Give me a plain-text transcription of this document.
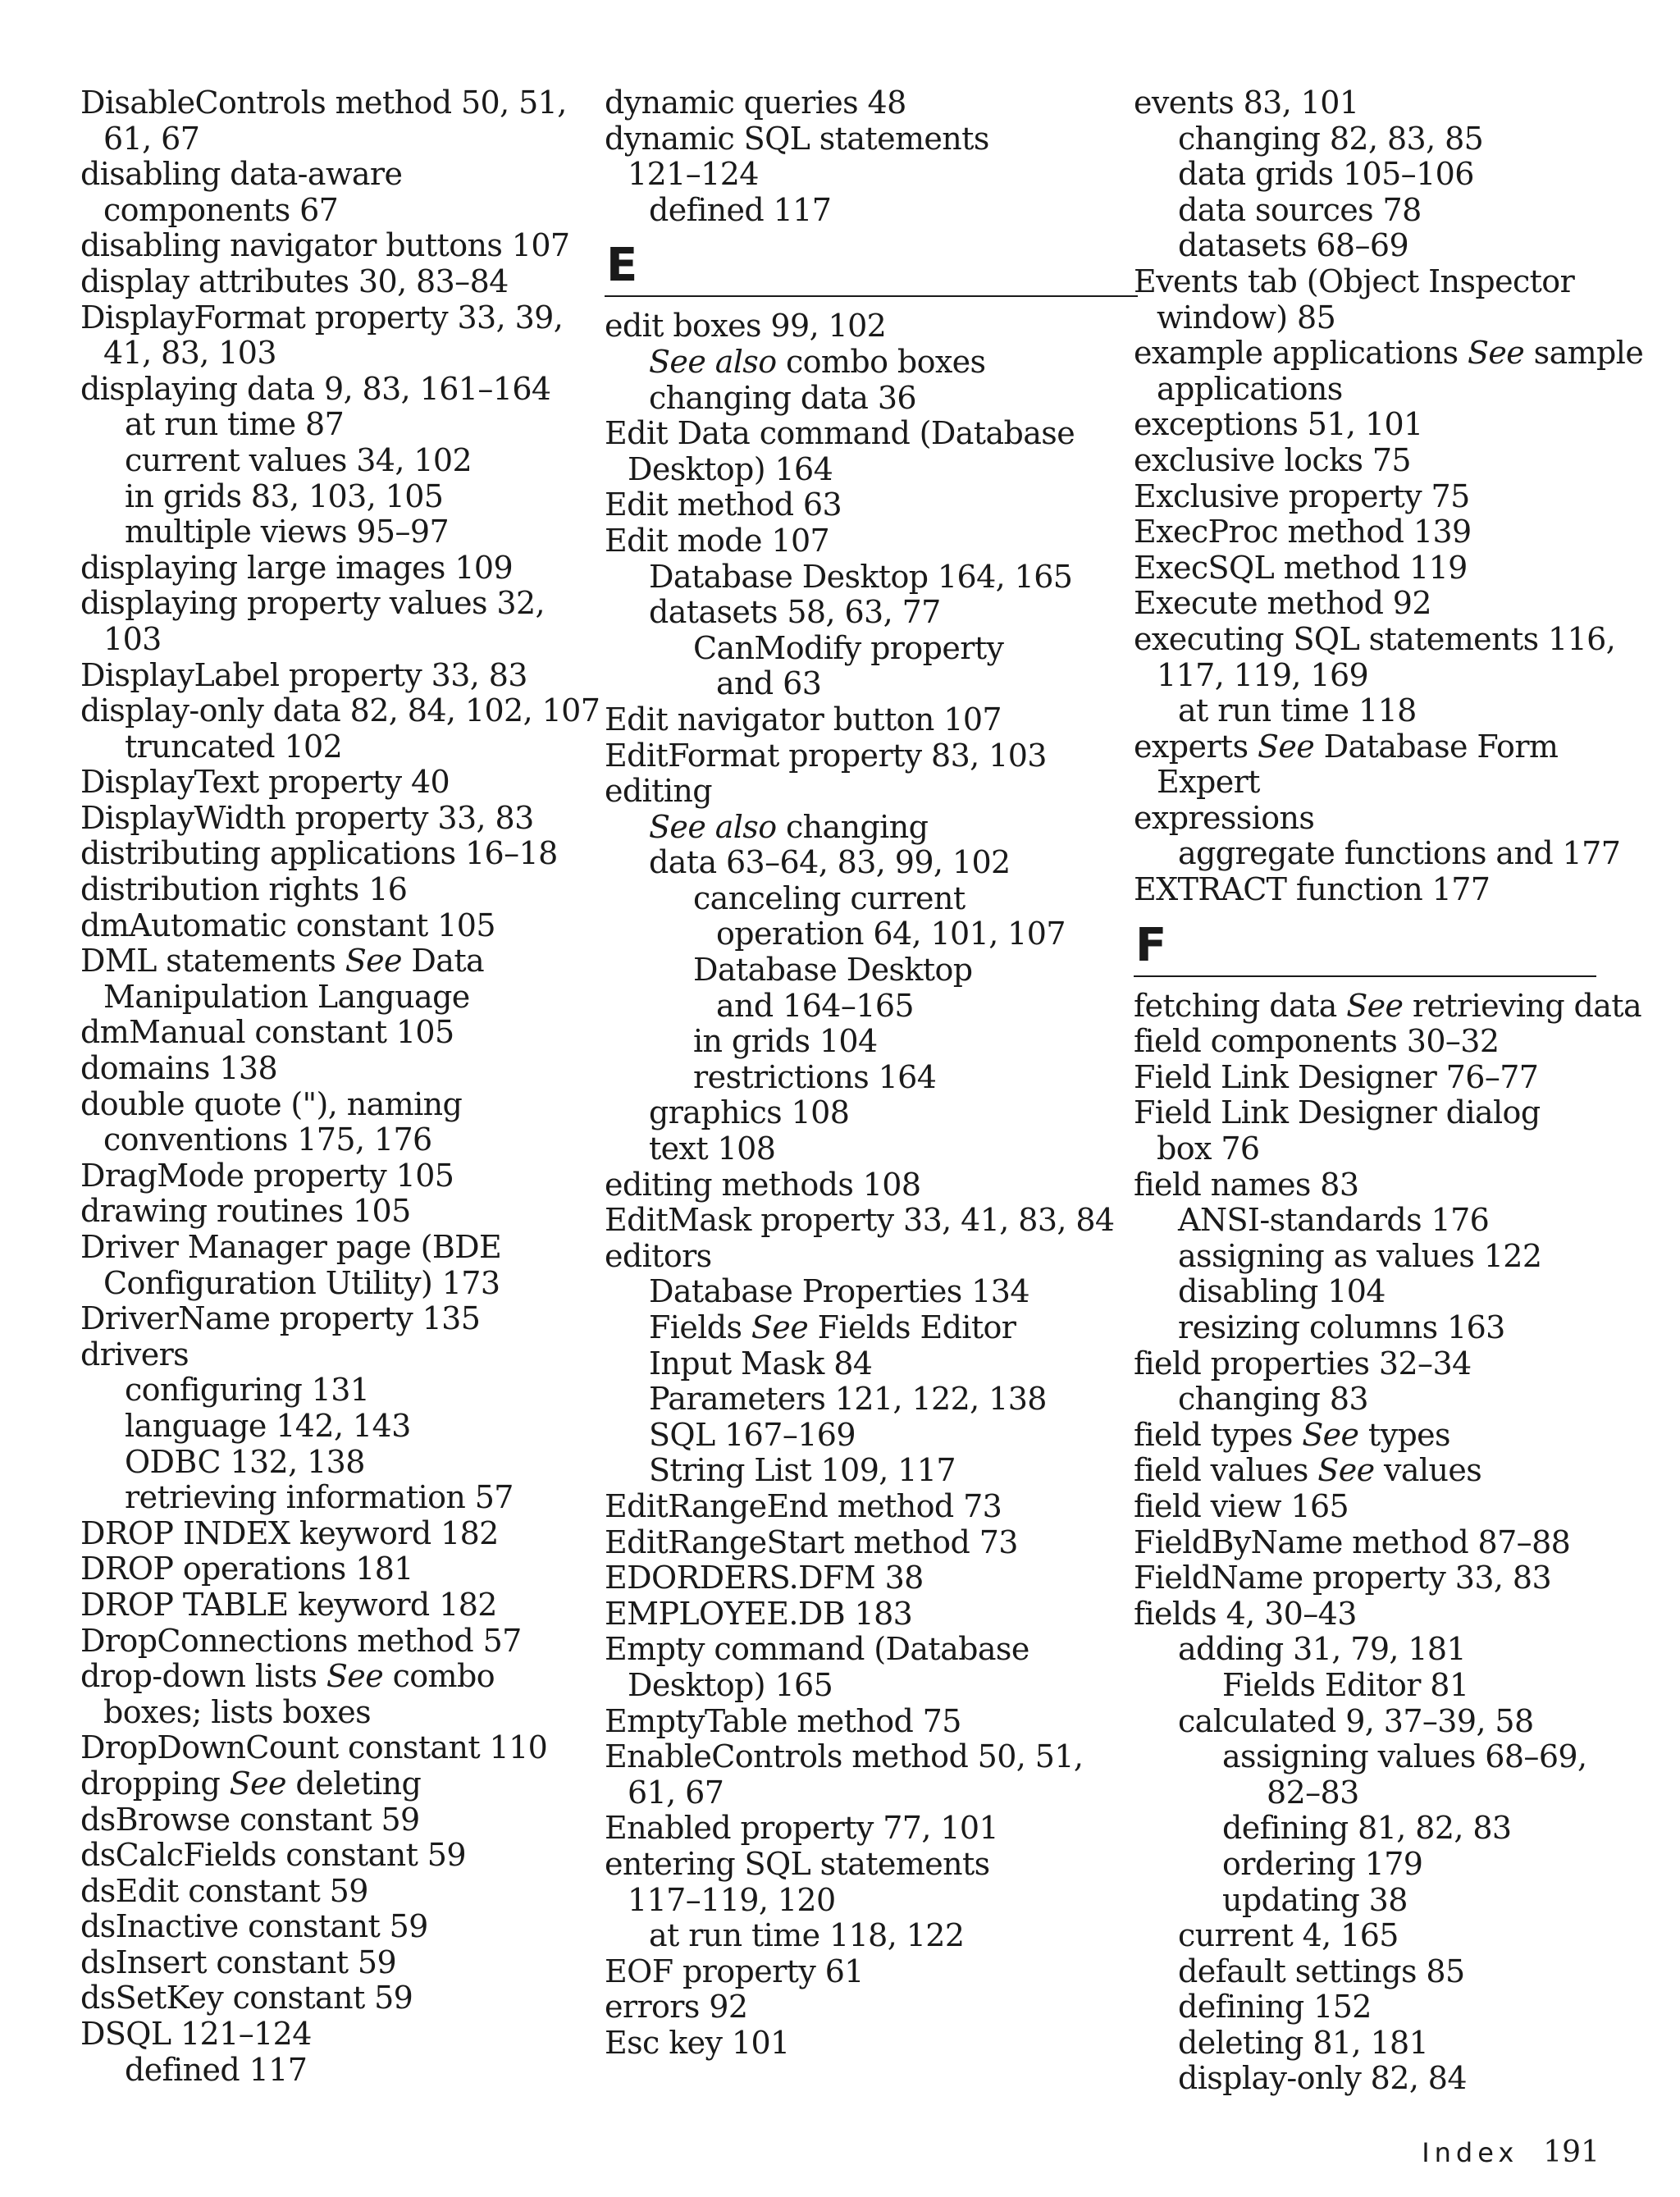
DisableControls method 50, 51,
61, 67
disabling data-aware
components 67
disabling navigator buttons 107
display attributes 30, 83–84
DisplayFormat property 33, 39,
41, 83, 103
displaying data 9, 83, 161–164
at run time 87
current values 34, 102
in grids 83, 103, 105
multiple views 95–97
displaying large images 109
displaying property values 32,
103
DisplayLabel property 33, 83
display-only data 82, 84, 102, 107
truncated 102
DisplayText property 40
DisplayWidth property 33, 83
distributing applications 16–18
distribution rights 16
dmAutomatic constant 105
DML statements See Data
Manipulation Language
dmManual constant 105
domains 138
double quote ("), naming
conventions 175, 176
DragMode property 105
drawing routines 105
Driver Manager page (BDE
Configuration Utility) 173
DriverName property 135
drivers
configuring 131
language 142, 143
ODBC 132, 138
retrieving information 57
DROP INDEX keyword 182
DROP operations 181
DROP TABLE keyword 182
DropConnections method 57
drop-down lists See combo
boxes; lists boxes
DropDownCount constant 110
dropping See deleting
dsBrowse constant 59
dsCalcFields constant 59
dsEdit constant 59
dsInactive constant 59
dsInsert constant 59
dsSetKey constant 59
DSQL 121–124
defined 117
dynamic queries 48
dynamic SQL statements
121–124
defined 117
E
edit boxes 99, 102
See also combo boxes
changing data 36
Edit Data command (Database
Desktop) 164
Edit method 63
Edit mode 107
Database Desktop 164, 165
datasets 58, 63, 77
CanModify property
and 63
Edit navigator button 107
EditFormat property 83, 103
editing
See also changing
data 63–64, 83, 99, 102
canceling current
operation 64, 101, 107
Database Desktop
and 164–165
in grids 104
restrictions 164
graphics 108
text 108
editing methods 108
EditMask property 33, 41, 83, 84
editors
Database Properties 134
Fields See Fields Editor
Input Mask 84
Parameters 121, 122, 138
SQL 167–169
String List 109, 117
EditRangeEnd method 73
EditRangeStart method 73
EDORDERS.DFM 38
EMPLOYEE.DB 183
Empty command (Database
Desktop) 165
EmptyTable method 75
EnableControls method 50, 51,
61, 67
Enabled property 77, 101
entering SQL statements
117–119, 120
at run time 118, 122
EOF property 61
errors 92
Esc key 101
events 83, 101
changing 82, 83, 85
data grids 105–106
data sources 78
datasets 68–69
Events tab (Object Inspector
window) 85
example applications See sample
applications
exceptions 51, 101
exclusive locks 75
Exclusive property 75
ExecProc method 139
ExecSQL method 119
Execute method 92
executing SQL statements 116,
117, 119, 169
at run time 118
experts See Database Form
Expert
expressions
aggregate functions and 177
EXTRACT function 177
F
fetching data See retrieving data
field components 30–32
Field Link Designer 76–77
Field Link Designer dialog
box 76
field names 83
ANSI-standards 176
assigning as values 122
disabling 104
resizing columns 163
field properties 32–34
changing 83
field types See types
field values See values
field view 165
FieldByName method 87–88
FieldName property 33, 83
fields 4, 30–43
adding 31, 79, 181
Fields Editor 81
calculated 9, 37–39, 58
assigning values 68–69,
82–83
defining 81, 82, 83
ordering 179
updating 38
current 4, 165
default settings 85
defining 152
deleting 81, 181
display-only 82, 84
Index 191
